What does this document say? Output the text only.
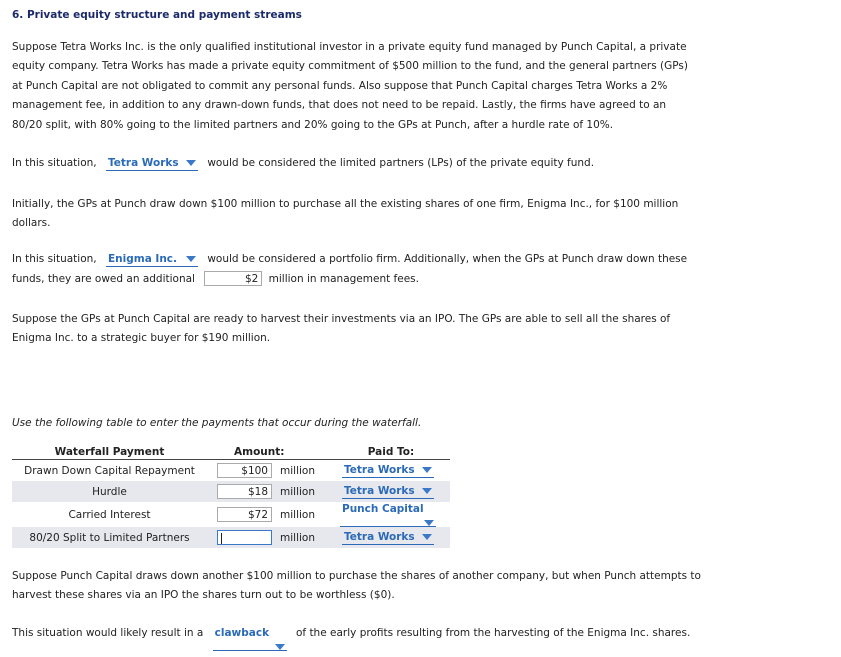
6. Private equity structure and payment streams
Suppose Tetra Works Inc. is the only qualified institutional investor in a private equity fund managed by Punch Capital, a private
equity company. Tetra Works has made a private equity commitment of $500 million to the fund, and the general partners (GPs)
at Punch Capital are not obligated to commit any personal funds. Also suppose that Punch Capital charges Tetra Works a 2%
management fee, in addition to any drawn-down funds, that does not need to be repaid. Lastly, the firms have agreed to an
80/20 split, with 80% going to the limited partners and 20% going to the GPs at Punch, after a hurdle rate of 10%.
In this situation, Tetra Works	would be considered the limited partners (LPs) of the private equity fund.
Initially, the GPs at Punch draw down $100 million to purchase all the existing shares of one firm, Enigma Inc., for $100 million
dollars.
In this situation, Enigma Inc.	would be considered a portfolio firm. Additionally, when the GPs at Punch draw down these
funds, they are owed an additional	$2 million in management fees.
Suppose the GPs at Punch Capital are ready to harvest their investments via an IPO. The GPs are able to sell all the shares of
Enigma Inc. to a strategic buyer for $190 million.
Use the following table to enter the payments that occur during the waterfall.
Waterfall Payment		Amount:		Paid To:
Drawn Down Capital Repayment		$100	million	Tetra Works

Hurdle		$18	million	Tetra Works

Carried Interest		$72	million	Punch Capital

80/20 Split to Limited Partners			million	Tetra Works
Suppose Punch Capital draws down another $100 million to purchase the shares of another company, but when Punch attempts to
harvest these shares via an IPO the shares turn out to be worthless ($0).
This situation would likely result in a clawback	of the early profits resulting from the harvesting of the Enigma Inc. shares.
